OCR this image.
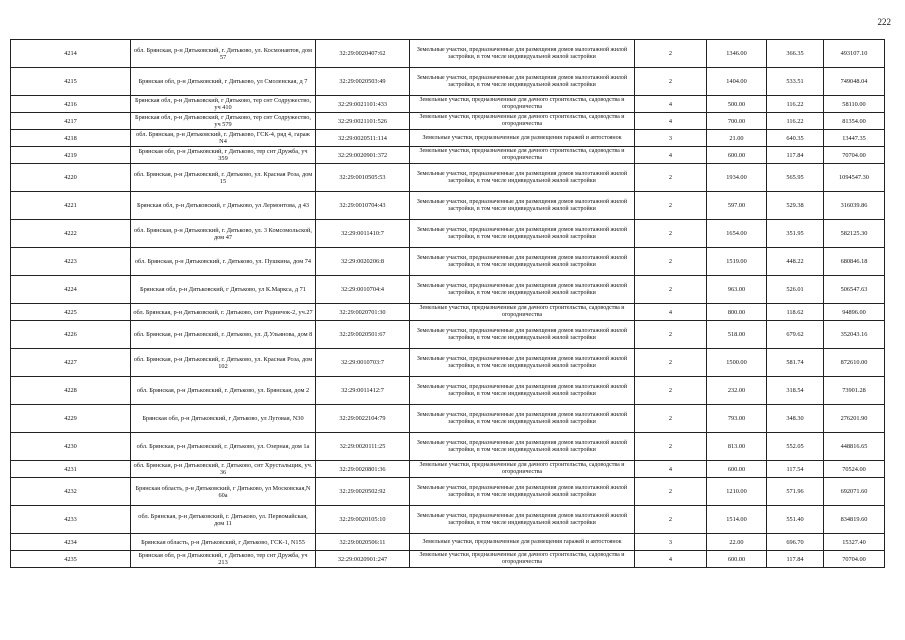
222
4214	обл. Брянская, р-н Дятьковский, г. Дятьково, ул. Космонавтов, дом 57	32:29:0020407:62	Земельные участки, предназначенные для размещения домов малоэтажной жилой застройки, в том числе индивидуальной жилой застройки	2	1346.00	366.35	493107.10
4215	Брянская обл, р-н Дятьковский, г Дятьково, ул Смоленская, д 7	32:29:0020503:49	Земельные участки, предназначенные для размещения домов малоэтажной жилой застройки, в том числе индивидуальной жилой застройки	2	1404.00	533.51	749048.04
4216	Брянская обл, р-н Дятьковский, г Дятьково, тер снт Содружество, уч 410	32:29:0021101:433	Земельные участки, предназначенные для дачного строительства, садоводства и огородничества	4	500.00	116.22	58110.00
4217	Брянская обл, р-н Дятьковский, г Дятьково, тер снт Содружество, уч 579	32:29:0021101:526	Земельные участки, предназначенные для дачного строительства, садоводства и огородничества	4	700.00	116.22	81354.00
4218	обл. Брянская, р-н Дятьковский, г. Дятьково, ГСК-4, ряд 4, гараж N4	32:29:0020511:114	Земельные участки, предназначенные для размещения гаражей и автостоянок	3	21.00	640.35	13447.35
4219	Брянская обл, р-н Дятьковский, г Дятьково, тер снт Дружба, уч 359	32:29:0020901:372	Земельные участки, предназначенные для дачного строительства, садоводства и огородничества	4	600.00	117.84	70704.00
4220	обл. Брянская, р-н Дятьковский, г. Дятьково, ул. Красная Роза, дом 15	32:29:0010505:53	Земельные участки, предназначенные для размещения домов малоэтажной жилой застройки, в том числе индивидуальной жилой застройки	2	1934.00	565.95	1094547.30
4221	Брянская обл, р-н Дятьковский, г Дятьково, ул Лермонтова, д 43	32:29:0010704:43	Земельные участки, предназначенные для размещения домов малоэтажной жилой застройки, в том числе индивидуальной жилой застройки	2	597.00	529.38	316039.86
4222	обл. Брянская, р-н Дятьковский, г. Дятьково, ул. 3 Комсомольской, дом 47	32:29:0011410:7	Земельные участки, предназначенные для размещения домов малоэтажной жилой застройки, в том числе индивидуальной жилой застройки	2	1654.00	351.95	582125.30
4223	обл. Брянская, р-н Дятьковский, г. Дятьково, ул. Пушкина, дом 74	32:29:0020206:8	Земельные участки, предназначенные для размещения домов малоэтажной жилой застройки, в том числе индивидуальной жилой застройки	2	1519.00	448.22	680846.18
4224	Брянская обл, р-н Дятьковский, г Дятьково, ул К.Маркса, д 71	32:29:0010704:4	Земельные участки, предназначенные для размещения домов малоэтажной жилой застройки, в том числе индивидуальной жилой застройки	2	963.00	526.01	506547.63
4225	обл. Брянская, р-н Дятьковский, г. Дятьково, снт Родничок-2, уч.27	32:29:0020701:30	Земельные участки, предназначенные для дачного строительства, садоводства и огородничества	4	800.00	118.62	94896.00
4226	обл. Брянская, р-н Дятьковский, г. Дятьково, ул. Д.Ульянова, дом 8	32:29:0020501:67	Земельные участки, предназначенные для размещения домов малоэтажной жилой застройки, в том числе индивидуальной жилой застройки	2	518.00	679.62	352043.16
4227	обл. Брянская, р-н Дятьковский, г. Дятьково, ул. Красная Роза, дом 102	32:29:0010703:7	Земельные участки, предназначенные для размещения домов малоэтажной жилой застройки, в том числе индивидуальной жилой застройки	2	1500.00	581.74	872610.00
4228	обл. Брянская, р-н Дятьковский, г. Дятьково, ул. Брянская, дом 2	32:29:0011412:7	Земельные участки, предназначенные для размещения домов малоэтажной жилой застройки, в том числе индивидуальной жилой застройки	2	232.00	318.54	73901.28
4229	Брянская обл, р-н Дятьковский, г Дятьково, ул Луговая, N30	32:29:0022104:79	Земельные участки, предназначенные для размещения домов малоэтажной жилой застройки, в том числе индивидуальной жилой застройки	2	793.00	348.30	276201.90
4230	обл. Брянская, р-н Дятьковский, г. Дятьково, ул. Озерная, дом 1а	32:29:0020111:25	Земельные участки, предназначенные для размещения домов малоэтажной жилой застройки, в том числе индивидуальной жилой застройки	2	813.00	552.05	448816.65
4231	обл. Брянская, р-н Дятьковский, г. Дятьково, снт Хрустальщик, уч. 36	32:29:0020801:36	Земельные участки, предназначенные для дачного строительства, садоводства и огородничества	4	600.00	117.54	70524.00
4232	Брянская область, р-н Дятьковский, г Дятьково, ул Московская,N 60а	32:29:0020502:92	Земельные участки, предназначенные для размещения домов малоэтажной жилой застройки, в том числе индивидуальной жилой застройки	2	1210.00	571.96	692071.60
4233	обл. Брянская, р-н Дятьковский, г. Дятьково, ул. Первомайская, дом 11	32:29:0020105:10	Земельные участки, предназначенные для размещения домов малоэтажной жилой застройки, в том числе индивидуальной жилой застройки	2	1514.00	551.40	834819.60
4234	Брянская область, р-н Дятьковский, г Дятьково, ГСК-1, N155	32:29:0020506:11	Земельные участки, предназначенные для размещения гаражей и автостоянок	3	22.00	696.70	15327.40
4235	Брянская обл, р-н Дятьковский, г Дятьково, тер снт Дружба, уч 213	32:29:0020901:247	Земельные участки, предназначенные для дачного строительства, садоводства и огородничества	4	600.00	117.84	70704.00
